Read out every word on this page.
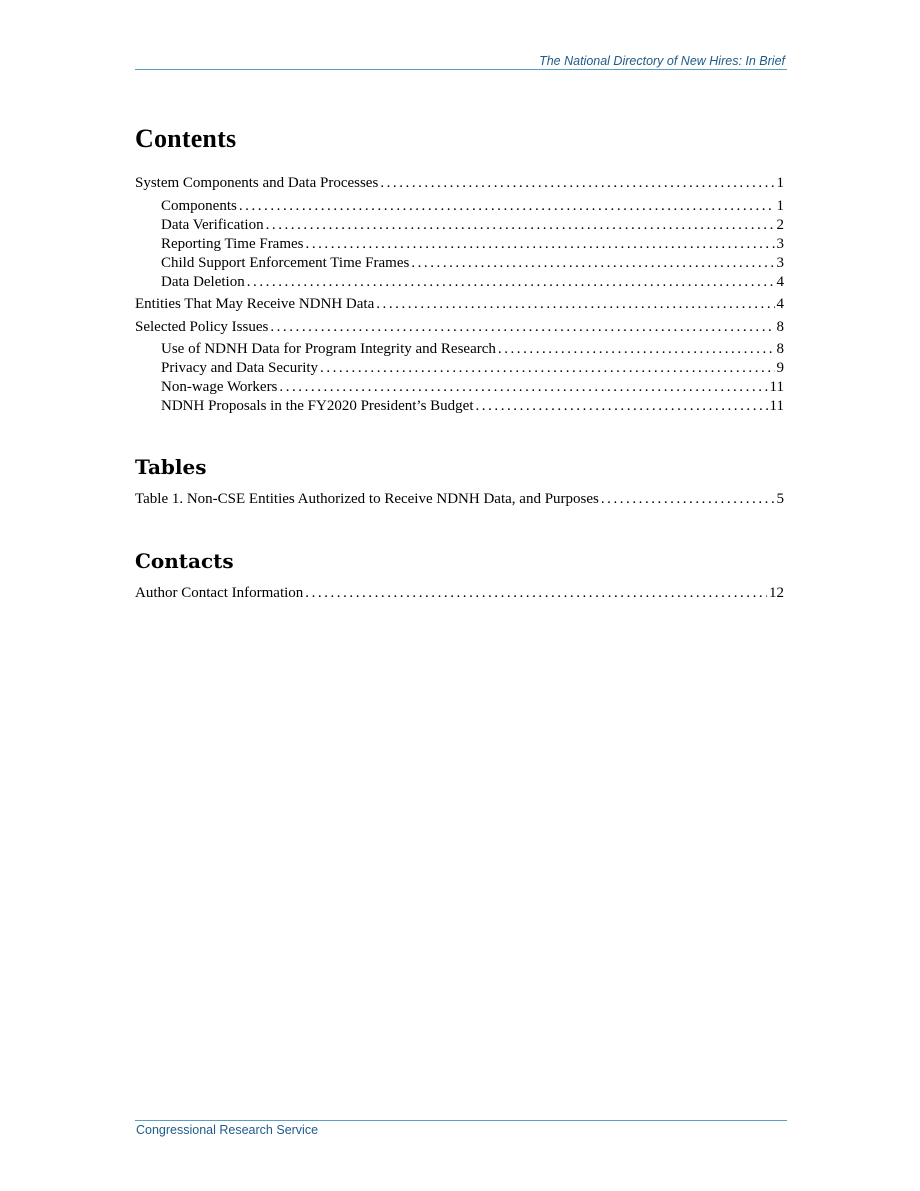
The National Directory of New Hires: In Brief
Contents
System Components and Data Processes . . .	1
Components . . .	1
Data Verification . . .	2
Reporting Time Frames . . .	3
Child Support Enforcement Time Frames . . .	3
Data Deletion . . .	4
Entities That May Receive NDNH Data . . .	4
Selected Policy Issues . . .	8
Use of NDNH Data for Program Integrity and Research . . .	8
Privacy and Data Security . . .	9
Non-wage Workers . . .	11
NDNH Proposals in the FY2020 President’s Budget . . .	11
Tables
Table 1. Non-CSE Entities Authorized to Receive NDNH Data, and Purposes . . .	5
Contacts
Author Contact Information . . .	12
Congressional Research Service
